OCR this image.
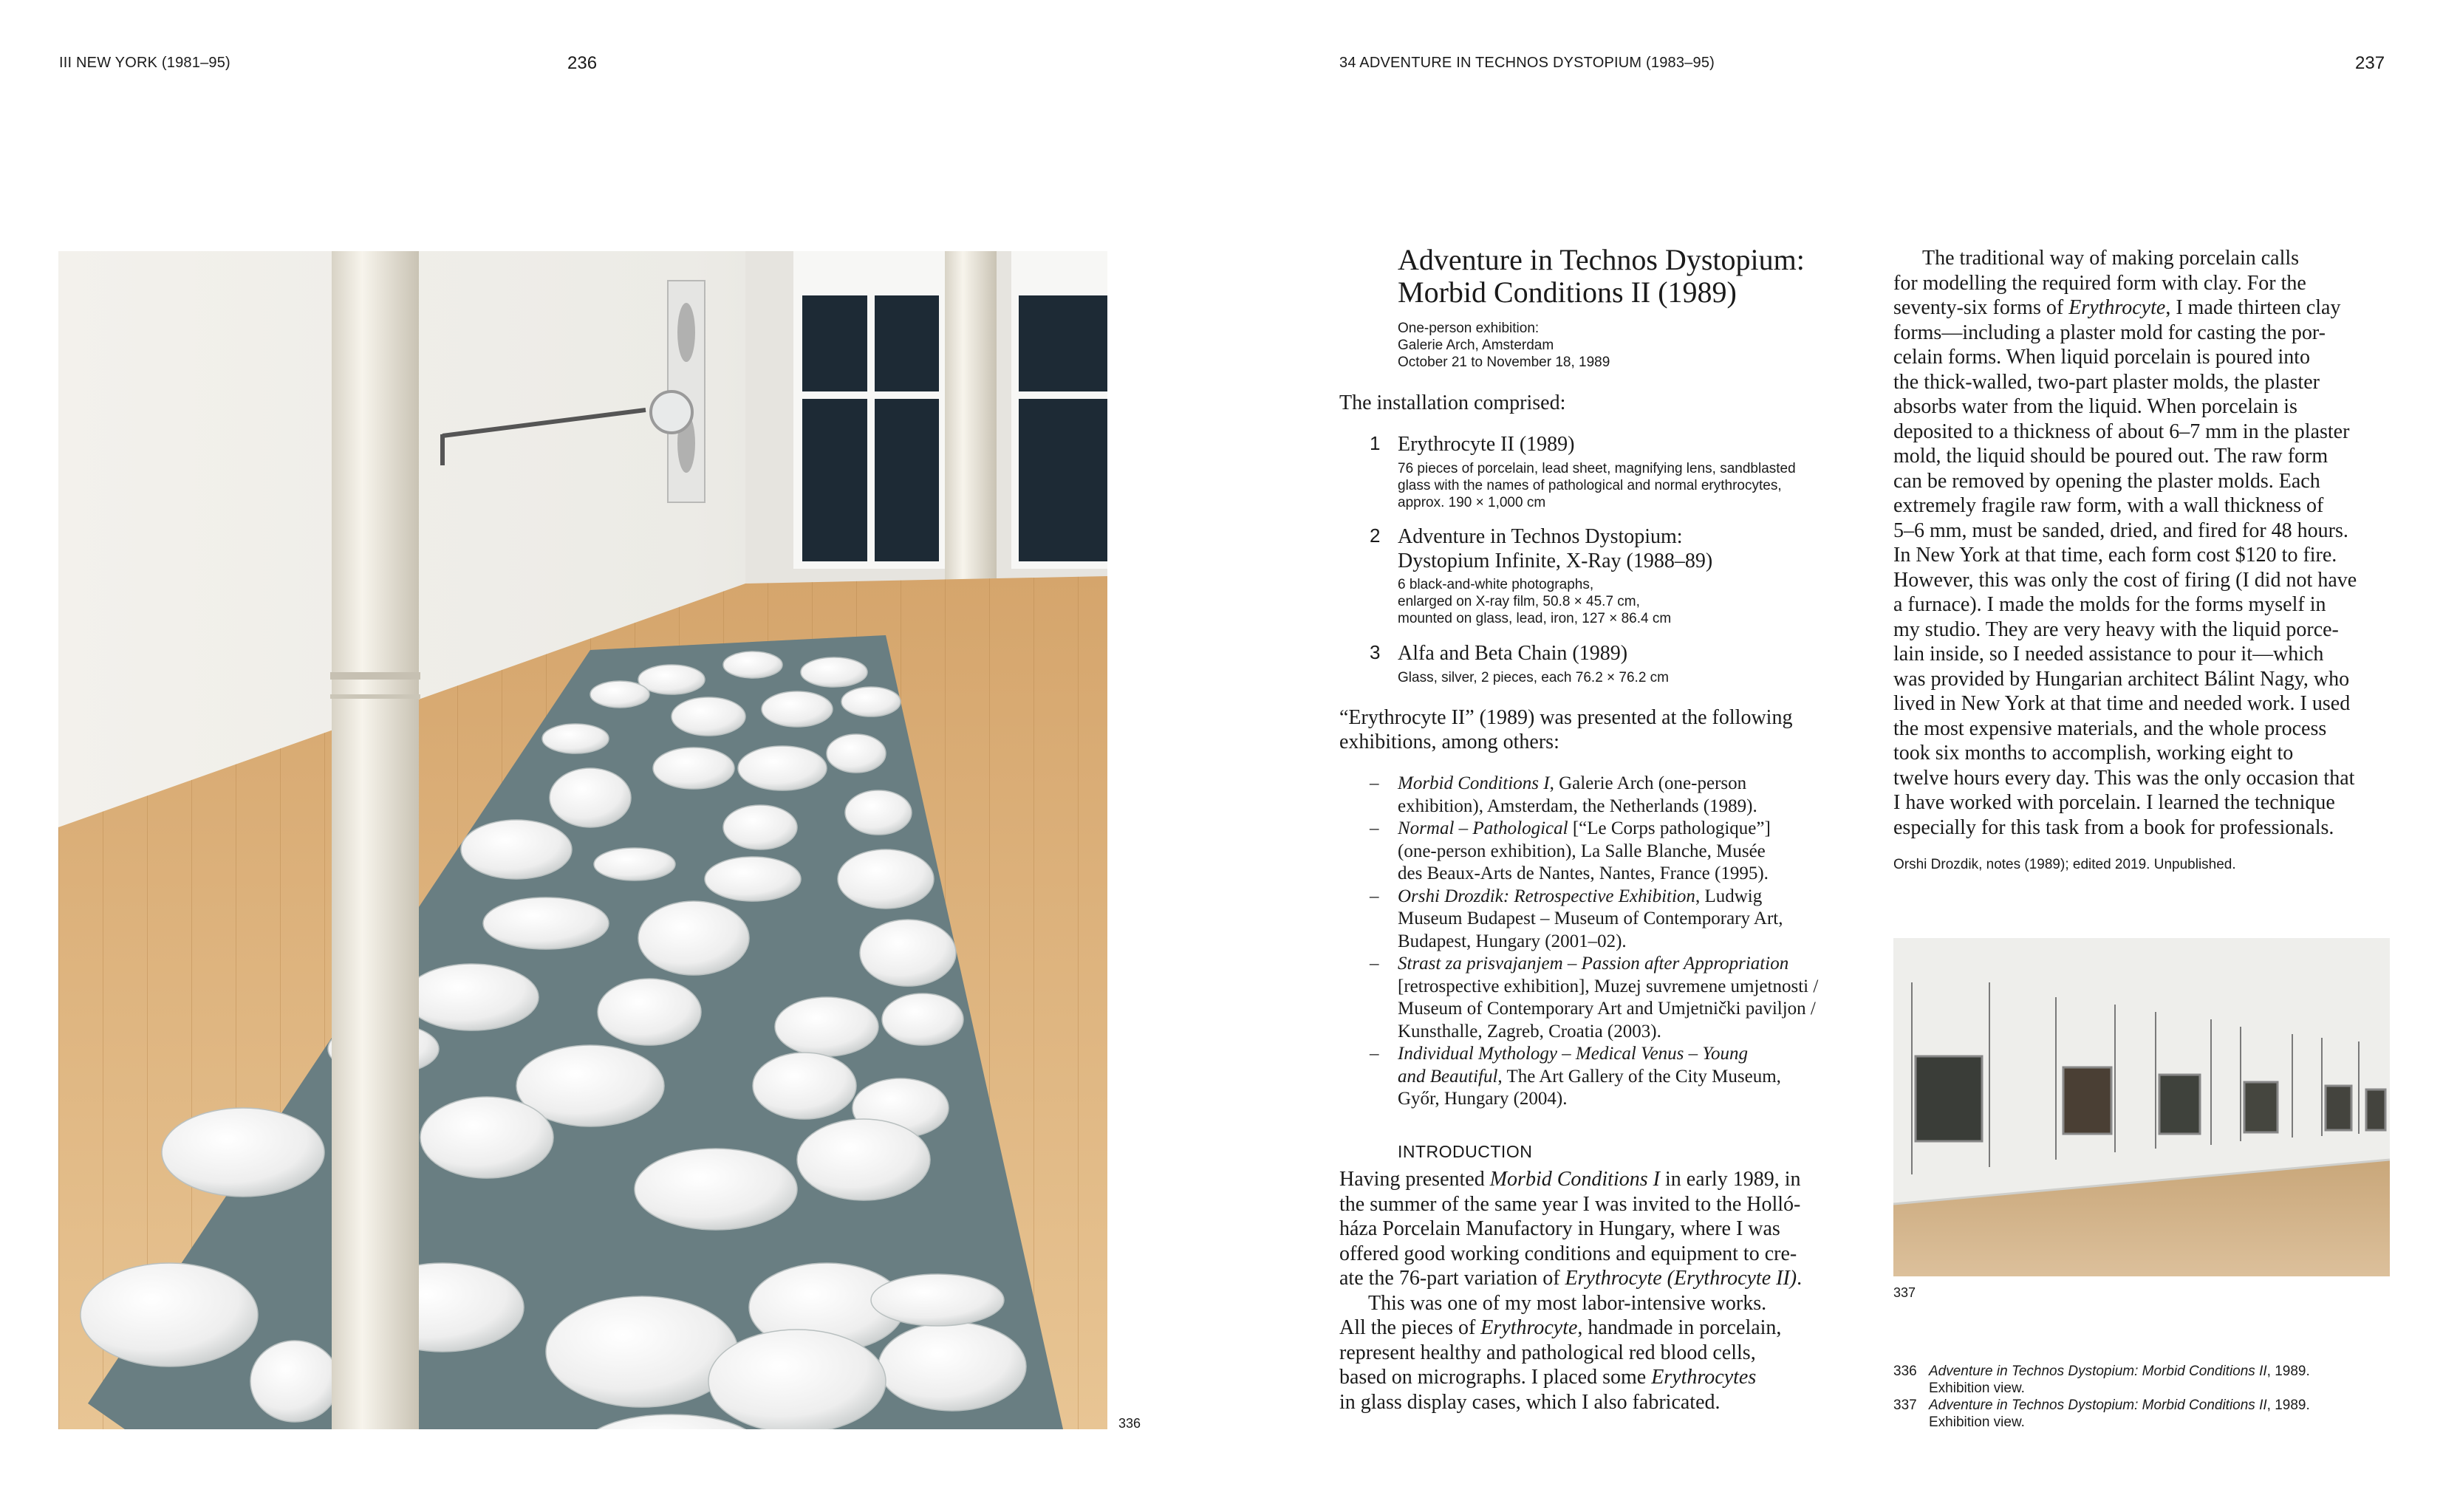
III NEW YORK (1981–95)	236	34 ADVENTURE IN TECHNOS DYSTOPIUM (1983–95)	237
336
337
Adventure in Technos Dystopium:
Morbid Conditions II (1989)
One-person exhibition:
Galerie Arch, Amsterdam
October 21 to November 18, 1989
The installation comprised:
1 Erythrocyte II (1989)
76 pieces of porcelain, lead sheet, magnifying lens, sandblasted
glass with the names of pathological and normal erythrocytes,
approx. 190 × 1,000 cm
2 Adventure in Technos Dystopium:
Dystopium Infinite, X-Ray (1988–89)
6 black-and-white photographs,
enlarged on X-ray film, 50.8 × 45.7 cm,
mounted on glass, lead, iron, 127 × 86.4 cm
3 Alfa and Beta Chain (1989)
Glass, silver, 2 pieces, each 76.2 × 76.2 cm
“Erythrocyte II” (1989) was presented at the following
exhibitions, among others:
– Morbid Conditions I, Galerie Arch (one-person
exhibition), Amsterdam, the Netherlands (1989).
– Normal – Pathological [“Le Corps pathologique”]
(one-person exhibition), La Salle Blanche, Musée
des Beaux-Arts de Nantes, Nantes, France (1995).
– Orshi Drozdik: Retrospective Exhibition, Ludwig
Museum Budapest – Museum of Contemporary Art,
Budapest, Hungary (2001–02).
– Strast za prisvajanjem – Passion after Appropriation
[retrospective exhibition], Muzej suvremene umjetnosti /
Museum of Contemporary Art and Umjetnički paviljon /
Kunsthalle, Zagreb, Croatia (2003).
– Individual Mythology – Medical Venus – Young
and Beautiful, The Art Gallery of the City Museum,
Győr, Hungary (2004).
INTRODUCTION
Having presented Morbid Conditions I in early 1989, in
the summer of the same year I was invited to the Holló-
háza Porcelain Manufactory in Hungary, where I was
offered good working conditions and equipment to cre-
ate the 76-part variation of Erythrocyte (Erythrocyte II).
This was one of my most labor-intensive works.
All the pieces of Erythrocyte, handmade in porcelain,
represent healthy and pathological red blood cells,
based on micrographs. I placed some Erythrocytes
in glass display cases, which I also fabricated.
The traditional way of making porcelain calls
for modelling the required form with clay. For the
seventy-six forms of Erythrocyte, I made thirteen clay
forms—including a plaster mold for casting the por-
celain forms. When liquid porcelain is poured into
the thick-walled, two-part plaster molds, the plaster
absorbs water from the liquid. When porcelain is
deposited to a thickness of about 6–7 mm in the plaster
mold, the liquid should be poured out. The raw form
can be removed by opening the plaster molds. Each
extremely fragile raw form, with a wall thickness of
5–6 mm, must be sanded, dried, and fired for 48 hours.
In New York at that time, each form cost $120 to fire.
However, this was only the cost of firing (I did not have
a furnace). I made the molds for the forms myself in
my studio. They are very heavy with the liquid porce-
lain inside, so I needed assistance to pour it—which
was provided by Hungarian architect Bálint Nagy, who
lived in New York at that time and needed work. I used
the most expensive materials, and the whole process
took six months to accomplish, working eight to
twelve hours every day. This was the only occasion that
I have worked with porcelain. I learned the technique
especially for this task from a book for professionals.
Orshi Drozdik, notes (1989); edited 2019. Unpublished.
336 Adventure in Technos Dystopium: Morbid Conditions II, 1989.
Exhibition view.
337 Adventure in Technos Dystopium: Morbid Conditions II, 1989.
Exhibition view.
